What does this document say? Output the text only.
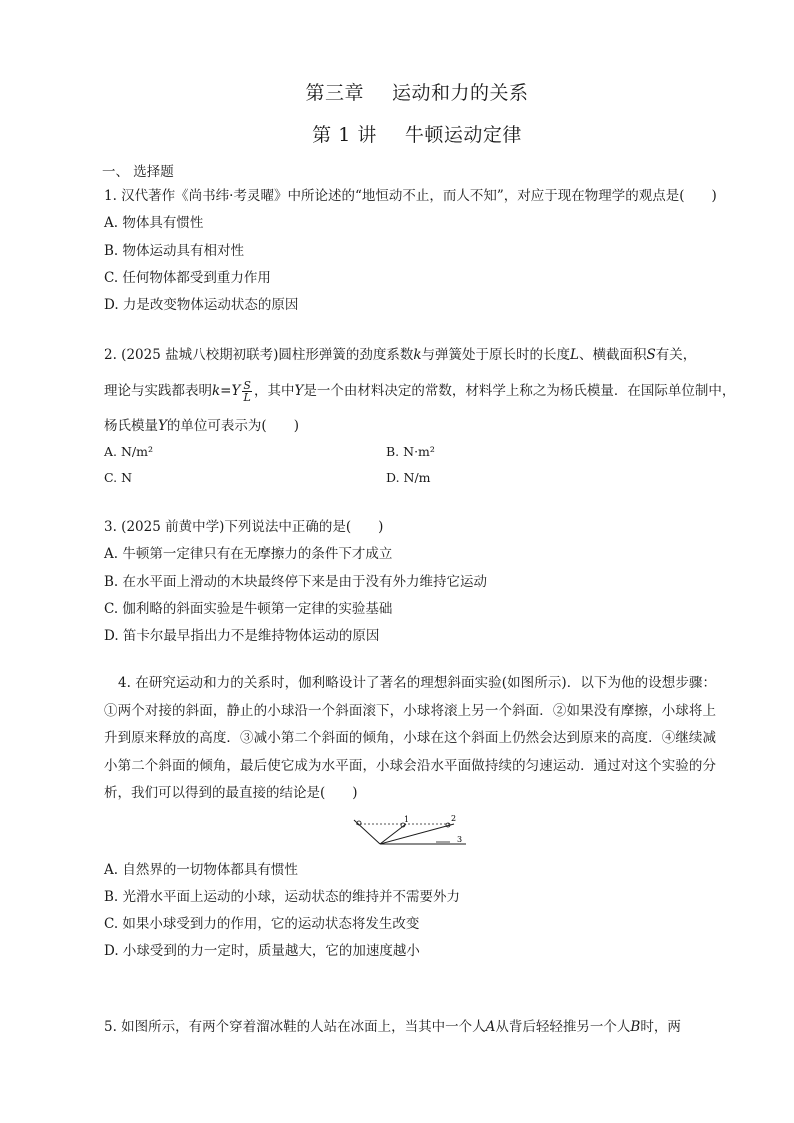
第三章 运动和力的关系
第 1 讲 牛顿运动定律
一、 选择题
1. 汉代著作《尚书纬·考灵曜》中所论述的“地恒动不止，而人不知”，对应于现在物理学的观点是(　　)
A. 物体具有惯性
B. 物体运动具有相对性
C. 任何物体都受到重力作用
D. 力是改变物体运动状态的原因
2. (2025 盐城八校期初联考)圆柱形弹簧的劲度系数k与弹簧处于原长时的长度L、横截面积S有关，
理论与实践都表明$k=Y \frac{S}{L}$ ，其中Y是一个由材料决定的常数，材料学上称之为杨氏模量．在国际单位制中，
杨氏模量Y的单位可表示为(　　)
A. N/m²	B. N·m²
C. N	D. N/m
3. (2025 前黄中学)下列说法中正确的是(　　)
A. 牛顿第一定律只有在无摩擦力的条件下才成立
B. 在水平面上滑动的木块最终停下来是由于没有外力维持它运动
C. 伽利略的斜面实验是牛顿第一定律的实验基础
D. 笛卡尔最早指出力不是维持物体运动的原因
4. 在研究运动和力的关系时，伽利略设计了著名的理想斜面实验(如图所示)．以下为他的设想步骤：①两个对接的斜面，静止的小球沿一个斜面滚下，小球将滚上另一个斜面．②如果没有摩擦，小球将上升到原来释放的高度．③减小第二个斜面的倾角，小球在这个斜面上仍然会达到原来的高度．④继续减小第二个斜面的倾角，最后使它成为水平面，小球会沿水平面做持续的匀速运动．通过对这个实验的分析，我们可以得到的最直接的结论是(　　)
1	2
3
A. 自然界的一切物体都具有惯性
B. 光滑水平面上运动的小球，运动状态的维持并不需要外力
C. 如果小球受到力的作用，它的运动状态将发生改变
D. 小球受到的力一定时，质量越大，它的加速度越小
5. 如图所示，有两个穿着溜冰鞋的人站在冰面上，当其中一个人A从背后轻轻推另一个人B时，两
